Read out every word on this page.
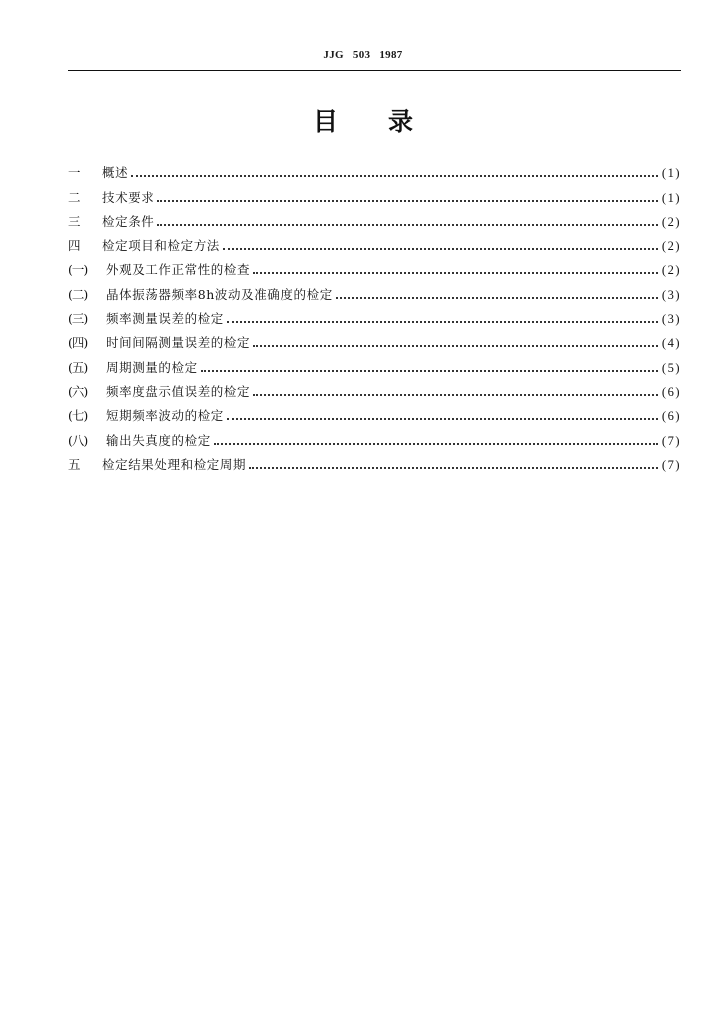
JJG 503 1987
目录
一	概述	(1)
二	技术要求	(1)
三	检定条件	(2)
四	检定项目和检定方法	(2)
(一)	外观及工作正常性的检查	(2)
(二)	晶体振荡器频率8h波动及准确度的检定	(3)
(三)	频率测量误差的检定	(3)
(四)	时间间隔测量误差的检定	(4)
(五)	周期测量的检定	(5)
(六)	频率度盘示值误差的检定	(6)
(七)	短期频率波动的检定	(6)
(八)	输出失真度的检定	(7)
五	检定结果处理和检定周期	(7)
